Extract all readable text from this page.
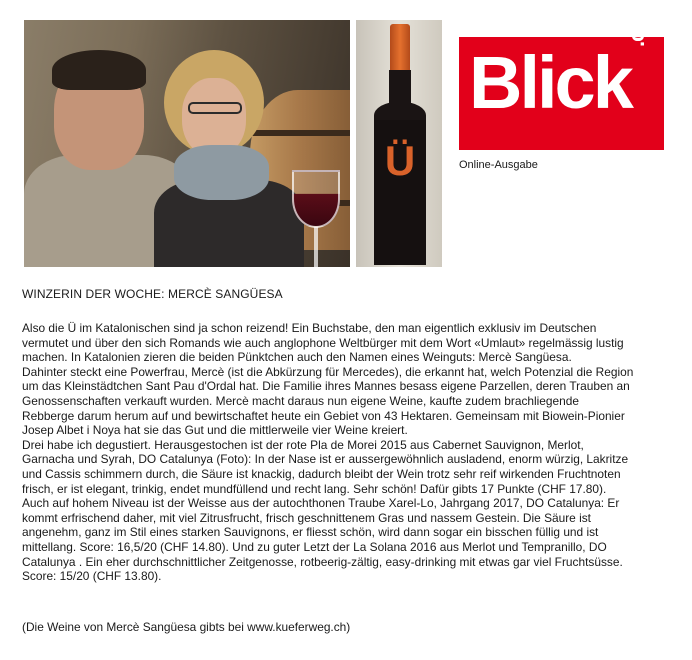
Ü
Blick
.ch
Online-Ausgabe
WINZERIN DER WOCHE: MERCÈ SANGÜESA
Also die Ü im Katalonischen sind ja schon reizend! Ein Buchstabe, den man eigentlich exklusiv im Deutschen
vermutet und über den sich Romands wie auch anglophone Weltbürger mit dem Wort «Umlaut» regelmässig lustig
machen. In Katalonien zieren die beiden Pünktchen auch den Namen eines Weinguts: Mercè Sangüesa.
Dahinter steckt eine Powerfrau, Mercè (ist die Abkürzung für Mercedes), die erkannt hat, welch Potenzial die Region
um das Kleinstädtchen Sant Pau d'Ordal hat. Die Familie ihres Mannes besass eigene Parzellen, deren Trauben an
Genossenschaften verkauft wurden. Mercè macht daraus nun eigene Weine, kaufte zudem brachliegende
Rebberge darum herum auf und bewirtschaftet heute ein Gebiet von 43 Hektaren. Gemeinsam mit Biowein-Pionier
Josep Albet i Noya hat sie das Gut und die mittlerweile vier Weine kreiert.
Drei habe ich degustiert. Herausgestochen ist der rote Pla de Morei 2015 aus Cabernet Sauvignon, Merlot,
Garnacha und Syrah, DO Catalunya (Foto): In der Nase ist er aussergewöhnlich ausladend, enorm würzig, Lakritze
und Cassis schimmern durch, die Säure ist knackig, dadurch bleibt der Wein trotz sehr reif wirkenden Fruchtnoten
frisch, er ist elegant, trinkig, endet mundfüllend und recht lang. Sehr schön! Dafür gibts 17 Punkte (CHF 17.80).
Auch auf hohem Niveau ist der Weisse aus der autochthonen Traube Xarel-Lo, Jahrgang 2017, DO Catalunya: Er
kommt erfrischend daher, mit viel Zitrusfrucht, frisch geschnittenem Gras und nassem Gestein. Die Säure ist
angenehm, ganz im Stil eines starken Sauvignons, er fliesst schön, wird dann sogar ein bisschen füllig und ist
mittellang. Score: 16,5/20 (CHF 14.80). Und zu guter Letzt der La Solana 2016 aus Merlot und Tempranillo, DO
Catalunya . Ein eher durchschnittlicher Zeitgenosse, rotbeerig-zältig, easy-drinking mit etwas gar viel Fruchtsüsse.
Score: 15/20 (CHF 13.80).
(Die Weine von Mercè Sangüesa gibts bei www.kueferweg.ch)
